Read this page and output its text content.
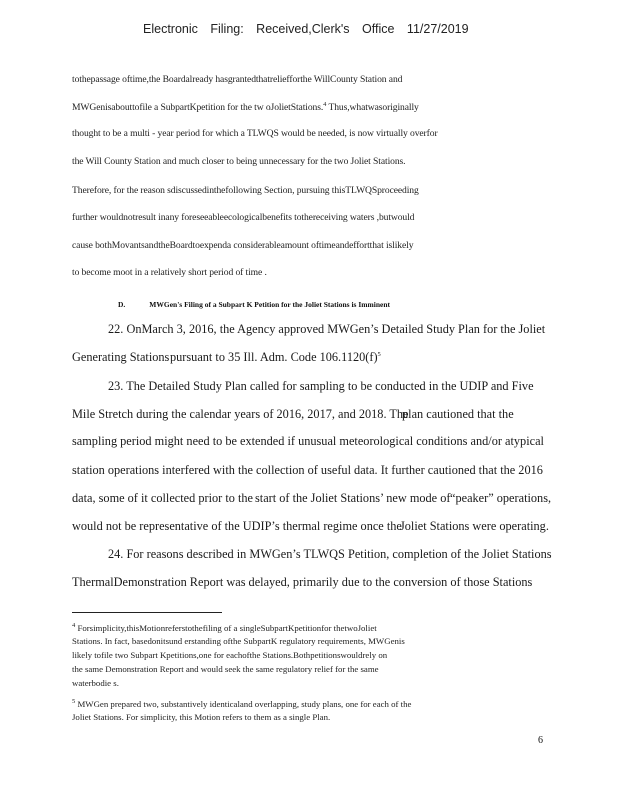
Electronic Filing: Received,Clerk's Office 11/27/2019
tothepassage oftime,the Boardalready hasgrantedthatreliefforthe WillCounty Station and
MWGenisabouttofile a SubpartKpetition for the tw oJolietStations.$^4$ Thus,whatwasoriginally
thought to be a multi - year period for which a TLWQS would be needed, is now virtually overfor
the Will County Station and much closer to being unnecessary for the two Joliet Stations.
Therefore, for the reason sdiscussedinthefollowing Section, pursuing thisTLWQSproceeding
further wouldnotresult inany foreseeableecologicalbenefits tothereceiving waters ,butwould
cause bothMovantsandtheBoardtoexpenda considerableamount oftimeandeffortthat islikely
to become moot in a relatively short period of time .
D.	MWGen's Filing of a Subpart K Petition for the Joliet Stations is Imminent
22. OnMarch 3, 2016, the Agency approved MWGen’s Detailed Study Plan for the Joliet
Generating Stations pursuant to 35 Ill. Adm. Code $106.1120(f)^5$
23. The Detailed Study Plan called for sampling to be conducted in the UDIP and Five
Mile Stretch during the calendar years of 2016, 2017, and 2018. The
plan cautioned that the
sampling period might need to be extended if unusual meteorological conditions and/or atypical
station operations interfered with the collection of useful data. It further cautioned that the 2016
data, some of it collected prior to the start of the Joliet Stations’ new mode of “peaker” operations,
would not be representative of the UDIP’s thermal regime once the
Joliet Stations were operating.
24. For reasons described in MWGen’s TLWQS Petition, completion of the Joliet Stations
ThermalDemonstration Report was delayed, primarily due to the conversion of those Stations
$^4$ Forsimplicity,thisMotionreferstothefiling of a singleSubpartKpetitionfor thetwoJoliet
Stations. In fact, basedonitsund erstanding ofthe SubpartK regulatory requirements, MWGenis
likely tofile two Subpart Kpetitions,one for eachofthe Stations.Bothpetitionswouldrely on
the same Demonstration Report and would seek the same regulatory relief for the same
waterbodie s.
$^5$ MWGen prepared two, substantively identicaland overlapping, study plans, one for each of the
Joliet Stations. For simplicity, this Motion refers to them as a single Plan.
6
